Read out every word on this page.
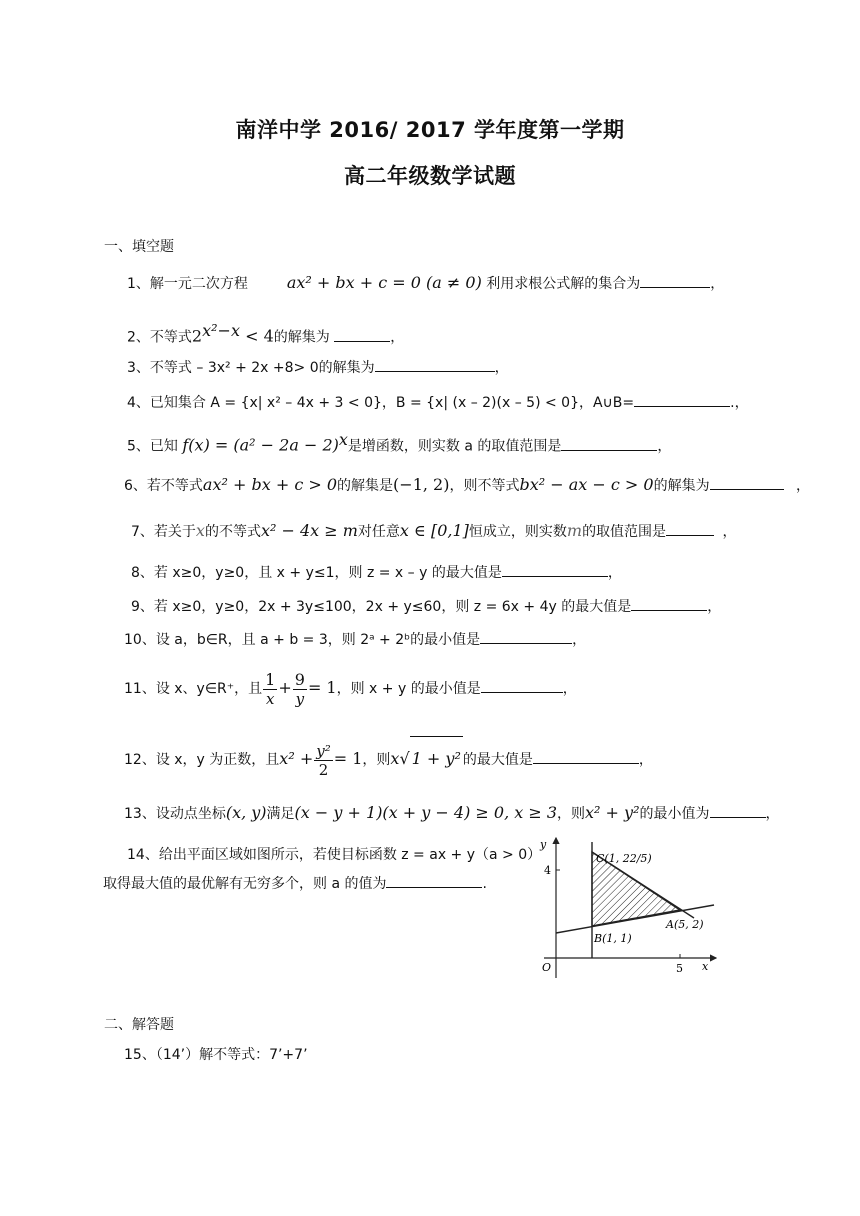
南洋中学 2016/ 2017 学年度第一学期
高二年级数学试题
一、填空题
1、解一元二次方程 ax² + bx + c = 0 (a ≠ 0) 利用求根公式解的集合为	，
2、不等式$2^{x^2-x} < 4$的解集为	，
3、不等式 – 3x² + 2x +8> 0的解集为	，
4、已知集合 A = {x| x² – 4x + 3 < 0}，B = {x| (x – 2)(x – 5) < 0}，A∪B=	.，
5、已知 $f(x) = (a^2 - 2a - 2)^x$是增函数，则实数 a 的取值范围是	，
6、若不等式ax² + bx + c > 0的解集是(−1, 2)，则不等式bx² − ax − c > 0的解集为	，
7、若关于x的不等式x² − 4x ≥ m对任意x ∈ [0,1]恒成立，则实数m的取值范围是	，
8、若 x≥0，y≥0，且 x + y≤1，则 z = x – y 的最大值是	，
9、若 x≥0，y≥0，2x + 3y≤100，2x + y≤60，则 z = 6x + 4y 的最大值是	，
10、设 a，b∈R，且 a + b = 3，则 2ᵃ + 2ᵇ的最小值是	，
11、设 x、y∈R⁺，且 $\frac{1}{x} + \frac{9}{y} = 1$，则 x + y 的最小值是	，
12、设 x，y 为正数，且$x^2 + \frac{\text{y²}}{2} = 1$，则x√ 1 + y² 的最大值是	，
13、设动点坐标(x, y)满足(x − y + 1)(x + y − 4) ≥ 0, x ≥ 3，则x² + y²的最小值为	，
14、给出平面区域如图所示，若使目标函数 z = ax + y（a > 0）
取得最大值的最优解有无穷多个，则 a 的值为	.
y
x
O
4
5
C(1, 22/5)
B(1, 1)
A(5, 2)
二、解答题
15、（14’）解不等式：7’+7’
